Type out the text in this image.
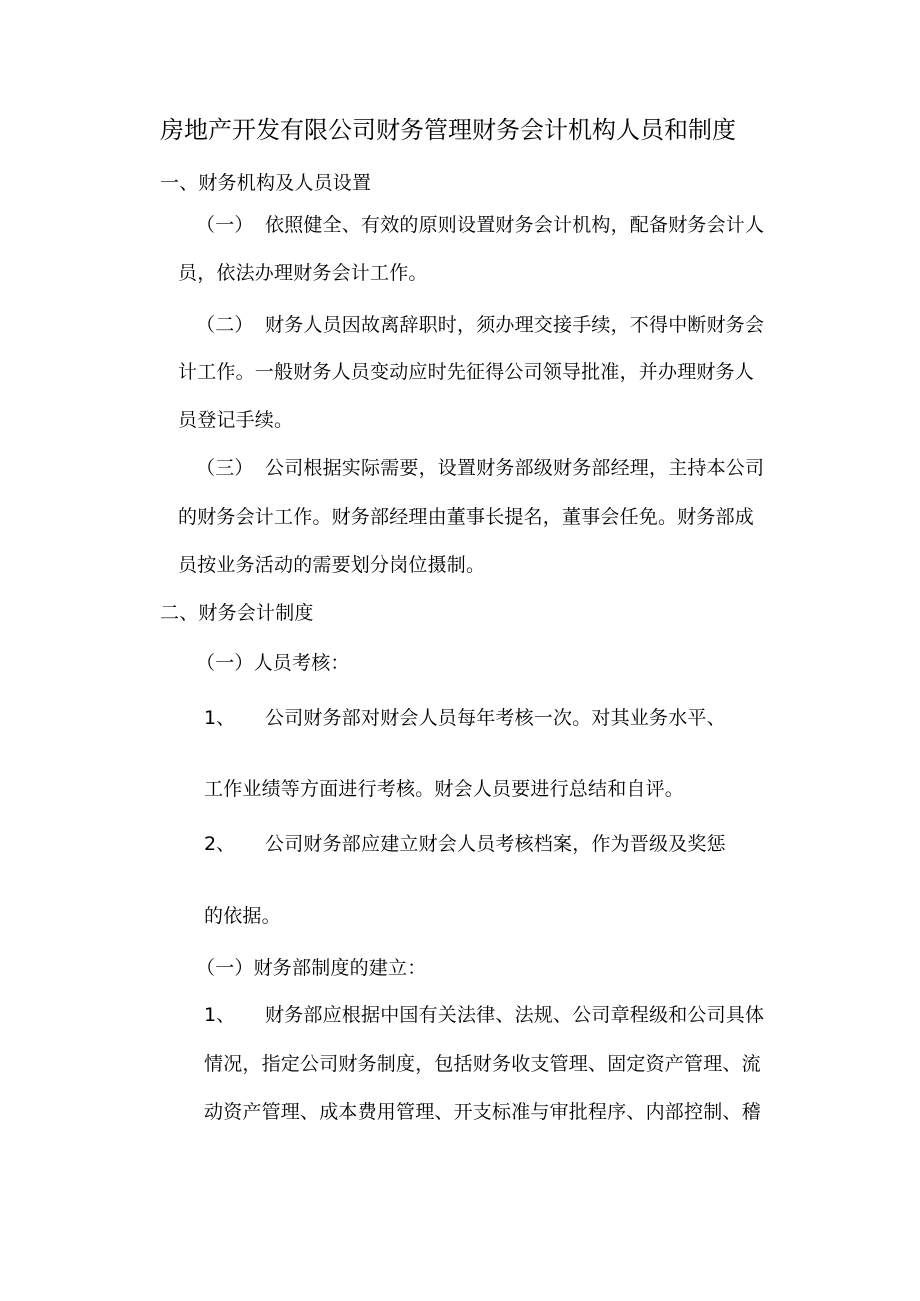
房地产开发有限公司财务管理财务会计机构人员和制度
一、财务机构及人员设置
（一） 依照健全、有效的原则设置财务会计机构，配备财务会计人
员，依法办理财务会计工作。
（二） 财务人员因故离辞职时，须办理交接手续，不得中断财务会
计工作。一般财务人员变动应时先征得公司领导批准，并办理财务人
员登记手续。
（三） 公司根据实际需要，设置财务部级财务部经理，主持本公司
的财务会计工作。财务部经理由董事长提名，董事会任免。财务部成
员按业务活动的需要划分岗位摄制。
二、财务会计制度
（一）人员考核：
1、 公司财务部对财会人员每年考核一次。对其业务水平、
工作业绩等方面进行考核。财会人员要进行总结和自评。
2、 公司财务部应建立财会人员考核档案，作为晋级及奖惩
的依据。
（一）财务部制度的建立：
1、 财务部应根据中国有关法律、法规、公司章程级和公司具体
情况，指定公司财务制度，包括财务收支管理、固定资产管理、流
动资产管理、成本费用管理、开支标准与审批程序、内部控制、稽
